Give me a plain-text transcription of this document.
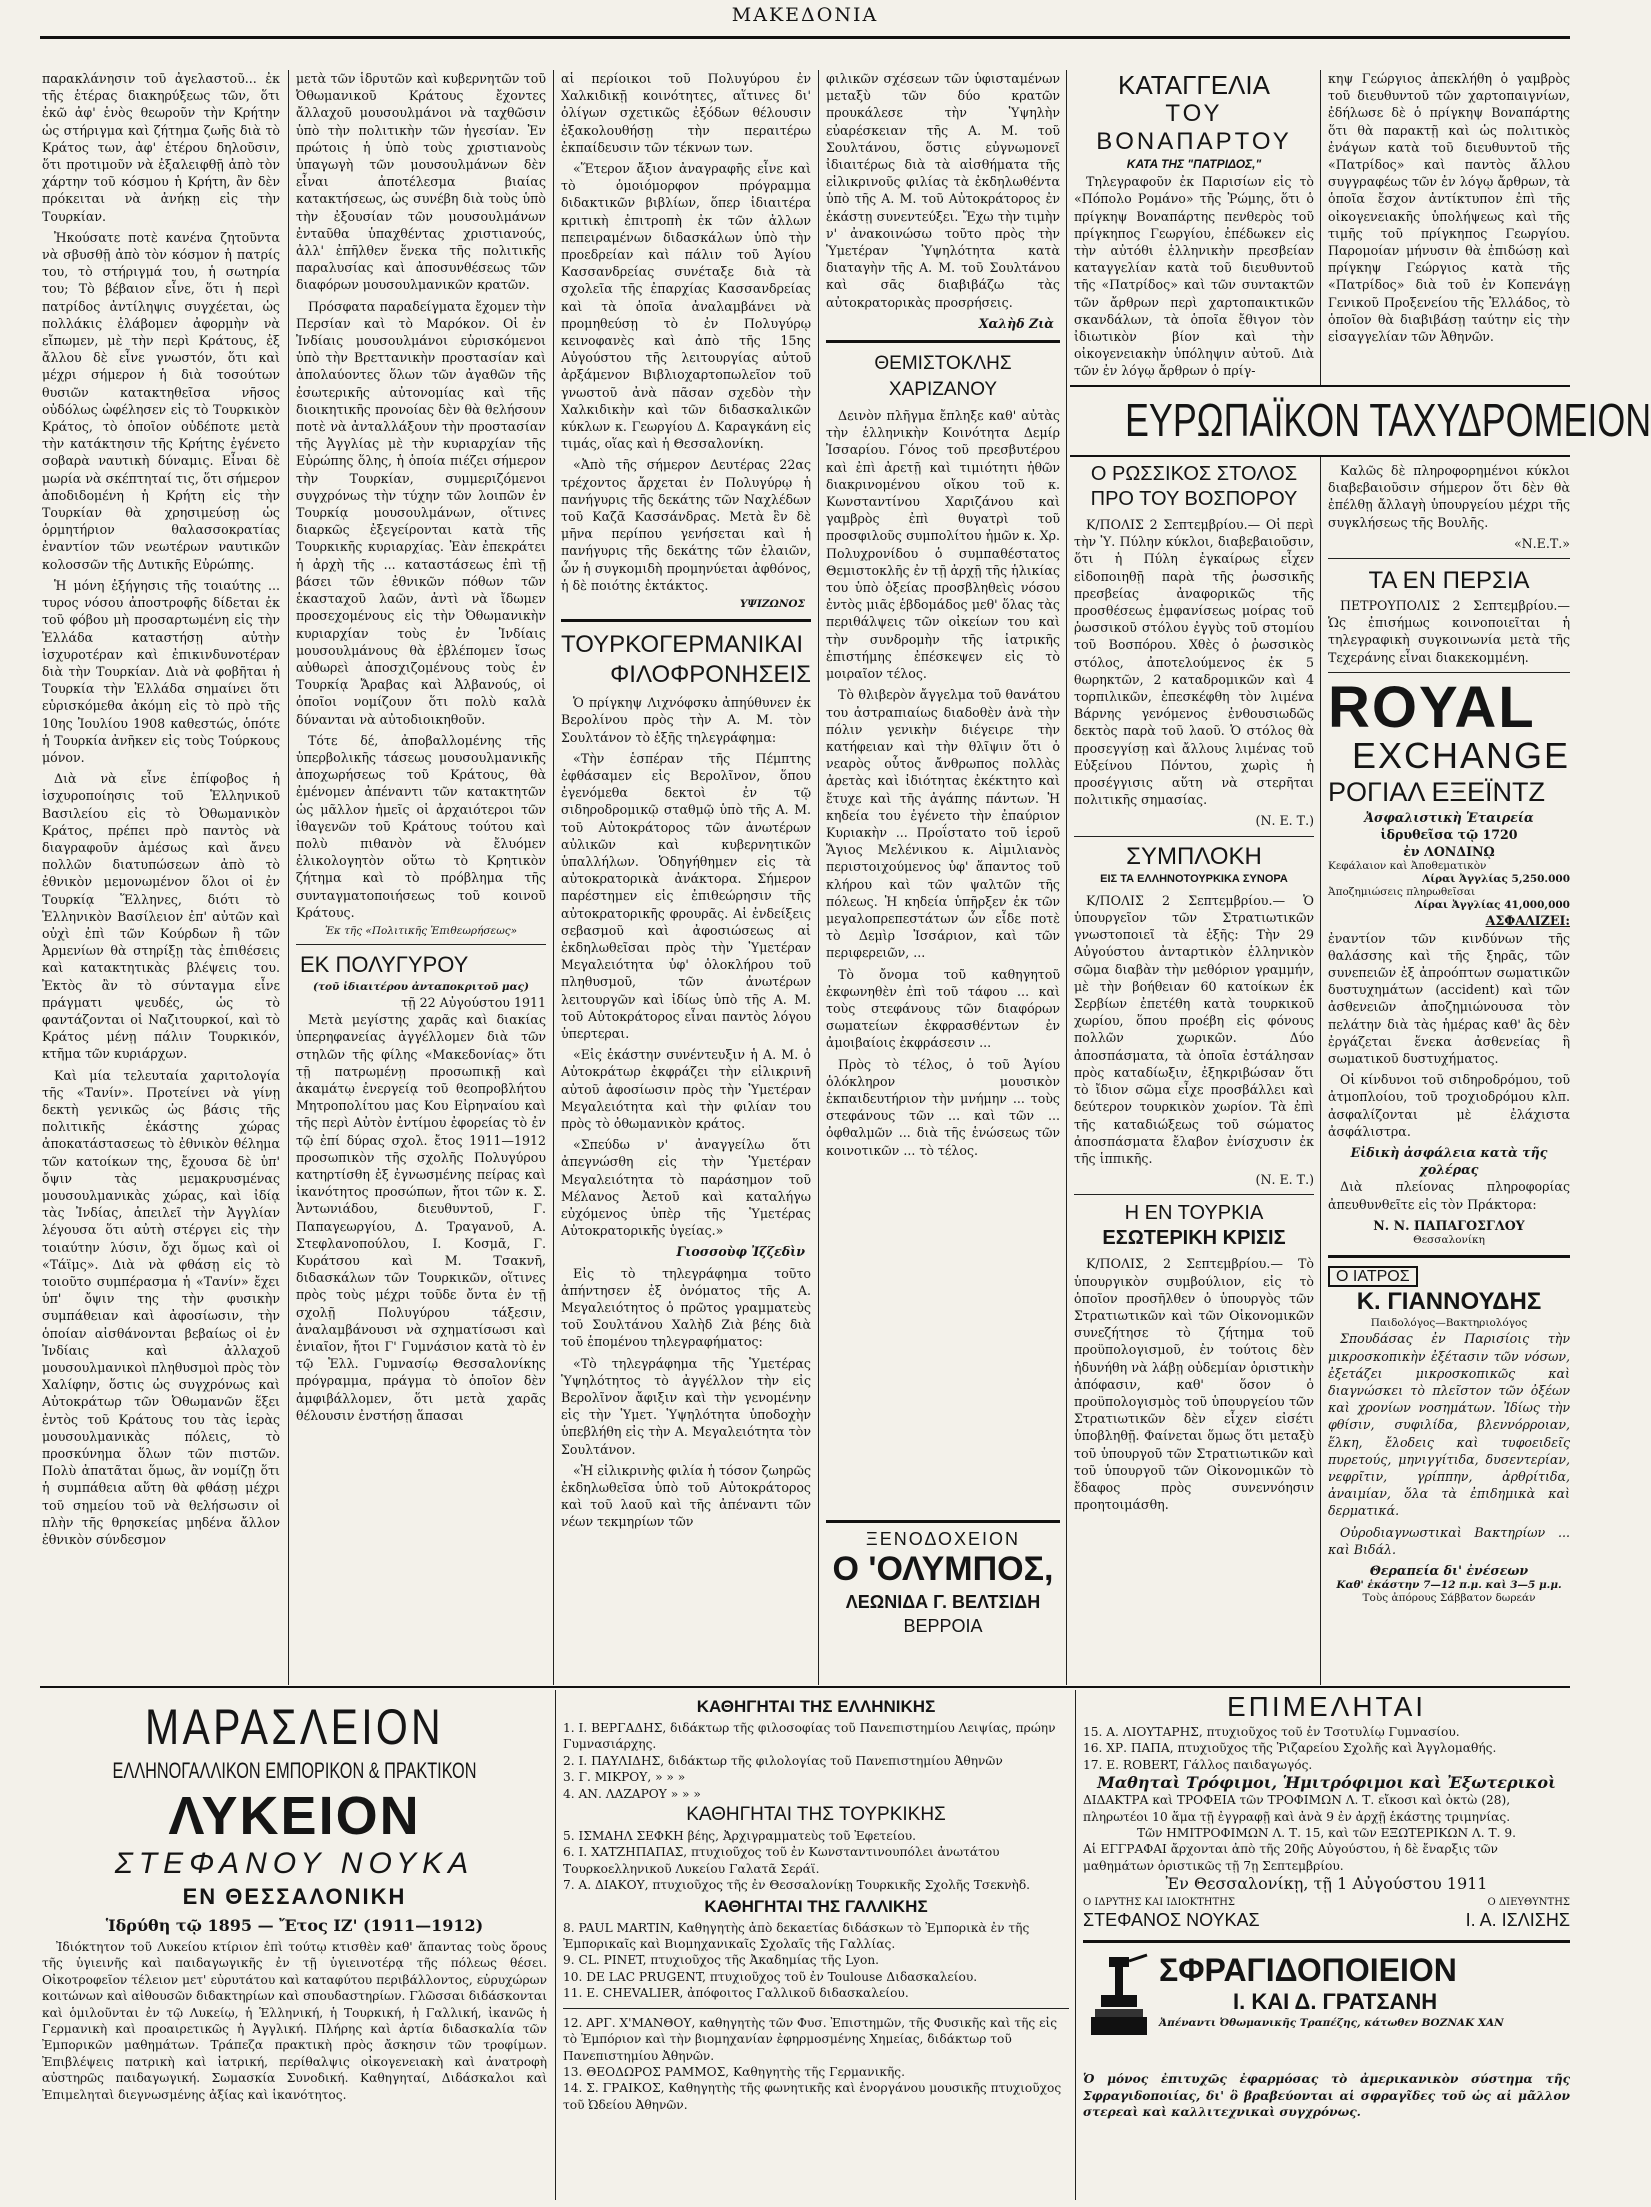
ΜΑΚΕΔΟΝΙΑ

παρακλάνησιν τοῦ ἀγελαστοῦ... ἐκ τῆς ἑτέρας διακηρύξεως τῶν, ὅτι ἐκῶ ἀφ' ἑνὸς θεωροῦν τὴν Κρήτην ὡς στήριγμα καὶ ζήτημα ζωῆς διὰ τὸ Κράτος των, ἀφ' ἑτέρου δηλοῦσιν, ὅτι προτιμοῦν νὰ ἐξαλειφθῇ ἀπὸ τὸν χάρτην τοῦ κόσμου ἡ Κρήτη, ἂν δὲν πρόκειται νὰ ἀνήκῃ εἰς τὴν Τουρκίαν.

Ἠκούσατε ποτὲ κανένα ζητοῦντα νὰ σβυσθῇ ἀπὸ τὸν κόσμον ἡ πατρίς του, τὸ στήριγμά του, ἡ σωτηρία του; Τὸ βέβαιον εἶνε, ὅτι ἡ περὶ πατρίδος ἀντίληψις συγχέεται, ὡς πολλάκις ἐλάβομεν ἀφορμὴν νὰ εἴπωμεν, μὲ τὴν περὶ Κράτους, ἐξ ἄλλου δὲ εἶνε γνωστόν, ὅτι καὶ μέχρι σήμερον ἡ διὰ τοσούτων θυσιῶν κατακτηθεῖσα νῆσος οὐδόλως ὠφέλησεν εἰς τὸ Τουρκικὸν Κράτος, τὸ ὁποῖον οὐδέποτε μετὰ τὴν κατάκτησιν τῆς Κρήτης ἐγένετο σοβαρὰ ναυτικὴ δύναμις. Εἶναι δὲ μωρία νὰ σκέπτηταί τις, ὅτι σήμερον ἀποδιδομένη ἡ Κρήτη εἰς τὴν Τουρκίαν θὰ χρησιμεύσῃ ὡς ὁρμητήριον θαλασσοκρατίας ἐναντίον τῶν νεωτέρων ναυτικῶν κολοσσῶν τῆς Δυτικῆς Εὐρώπης.

Ἡ μόνη ἐξήγησις τῆς τοιαύτης ... τυρος νόσου ἀποστροφῆς δίδεται ἐκ τοῦ φόβου μὴ προσαρτωμένη εἰς τὴν Ἑλλάδα καταστήσῃ αὐτὴν ἰσχυροτέραν καὶ ἐπικινδυνοτέραν διὰ τὴν Τουρκίαν. Διὰ νὰ φοβῆται ἡ Τουρκία τὴν Ἑλλάδα σημαίνει ὅτι εὑρισκόμεθα ἀκόμη εἰς τὸ πρὸ τῆς 10ης Ἰουλίου 1908 καθεστώς, ὁπότε ἡ Τουρκία ἀνῆκεν εἰς τοὺς Τούρκους μόνον.

Διὰ νὰ εἶνε ἐπίφοβος ἡ ἰσχυροποίησις τοῦ Ἑλληνικοῦ Βασιλείου εἰς τὸ Ὀθωμανικὸν Κράτος, πρέπει πρὸ παντὸς νὰ διαγραφοῦν ἀμέσως καὶ ἄνευ πολλῶν διατυπώσεων ἀπὸ τὸ ἐθνικὸν μεμονωμένον ὅλοι οἱ ἐν Τουρκίᾳ Ἕλληνες, διότι τὸ Ἑλληνικὸν Βασίλειον ἐπ' αὐτῶν καὶ οὐχὶ ἐπὶ τῶν Κούρδων ἢ τῶν Ἀρμενίων θὰ στηρίξῃ τὰς ἐπιθέσεις καὶ κατακτητικὰς βλέψεις του. Ἐκτὸς ἂν τὸ σύνταγμα εἶνε πράγματι ψευδές, ὡς τὸ φαντάζονται οἱ Ναζιτουρκοί, καὶ τὸ Κράτος μένῃ πάλιν Τουρκικόν, κτῆμα τῶν κυριάρχων.

Καὶ μία τελευταία χαριτολογία τῆς «Τανίν». Προτείνει νὰ γίνῃ δεκτὴ γενικῶς ὡς βάσις τῆς πολιτικῆς ἑκάστης χώρας ἀποκατάστασεως τὸ ἐθνικὸν θέλημα τῶν κατοίκων της, ἔχουσα δὲ ὑπ' ὄψιν τὰς μεμακρυσμένας μουσουλμανικὰς χώρας, καὶ ἰδίᾳ τὰς Ἰνδίας, ἀπειλεῖ τὴν Ἀγγλίαν λέγουσα ὅτι αὐτὴ στέργει εἰς τὴν τοιαύτην λύσιν, ὄχι ὅμως καὶ οἱ «Τάϊμς». Διὰ νὰ φθάσῃ εἰς τὸ τοιοῦτο συμπέρασμα ἡ «Τανίν» ἔχει ὑπ' ὄψιν της τὴν φυσικὴν συμπάθειαν καὶ ἀφοσίωσιν, τὴν ὁποίαν αἰσθάνονται βεβαίως οἱ ἐν Ἰνδίαις καὶ ἀλλαχοῦ μουσουλμανικοὶ πληθυσμοὶ πρὸς τὸν Χαλίφην, ὅστις ὡς συγχρόνως καὶ Αὐτοκράτωρ τῶν Ὀθωμανῶν ἕξει ἐντὸς τοῦ Κράτους του τὰς ἱερὰς μουσουλμανικὰς πόλεις, τὸ προσκύνημα ὅλων τῶν πιστῶν. Πολὺ ἀπατᾶται ὅμως, ἂν νομίζῃ ὅτι ἡ συμπάθεια αὕτη θὰ φθάσῃ μέχρι τοῦ σημείου τοῦ νὰ θελήσωσιν οἱ πλὴν τῆς θρησκείας μηδένα ἄλλον ἐθνικὸν σύνδεσμον

μετὰ τῶν ἱδρυτῶν καὶ κυβερνητῶν τοῦ Ὀθωμανικοῦ Κράτους ἔχοντες ἄλλαχοῦ μουσουλμάνοι νὰ ταχθῶσιν ὑπὸ τὴν πολιτικὴν τῶν ἡγεσίαν. Ἐν πρώτοις ἡ ὑπὸ τοὺς χριστιανοὺς ὑπαγωγὴ τῶν μουσουλμάνων δὲν εἶναι ἀποτέλεσμα βιαίας κατακτήσεως, ὡς συνέβη διὰ τοὺς ὑπὸ τὴν ἐξουσίαν τῶν μουσουλμάνων ἐνταῦθα ὑπαχθέντας χριστιανούς, ἀλλ' ἐπῆλθεν ἕνεκα τῆς πολιτικῆς παραλυσίας καὶ ἀποσυνθέσεως τῶν διαφόρων μουσουλμανικῶν κρατῶν.

Πρόσφατα παραδείγματα ἔχομεν τὴν Περσίαν καὶ τὸ Μαρόκον. Οἱ ἐν Ἰνδίαις μουσουλμάνοι εὑρισκόμενοι ὑπὸ τὴν Βρεττανικὴν προστασίαν καὶ ἀπολαύοντες ὅλων τῶν ἀγαθῶν τῆς ἐσωτερικῆς αὐτονομίας καὶ τῆς διοικητικῆς προνοίας δὲν θὰ θελήσουν ποτὲ νὰ ἀνταλλάξουν τὴν προστασίαν τῆς Ἀγγλίας μὲ τὴν κυριαρχίαν τῆς Εὐρώπης ὅλης, ἡ ὁποία πιέζει σήμερον τὴν Τουρκίαν, συμμεριζόμενοι συγχρόνως τὴν τύχην τῶν λοιπῶν ἐν Τουρκίᾳ μουσουλμάνων, οἵτινες διαρκῶς ἐξεγείρονται κατὰ τῆς Τουρκικῆς κυριαρχίας. Ἐὰν ἐπεκράτει ἡ ἀρχὴ τῆς ... καταστάσεως ἐπὶ τῇ βάσει τῶν ἐθνικῶν πόθων τῶν ἑκασταχοῦ λαῶν, ἀντὶ νὰ ἴδωμεν προσεχομένους εἰς τὴν Ὀθωμανικὴν κυριαρχίαν τοὺς ἐν Ἰνδίαις μουσουλμάνους θὰ ἐβλέπομεν ἴσως αὐθωρεὶ ἀποσχιζομένους τοὺς ἐν Τουρκίᾳ Ἄραβας καὶ Ἀλβανούς, οἱ ὁποῖοι νομίζουν ὅτι πολὺ καλὰ δύνανται νὰ αὐτοδιοικηθοῦν.

Τότε δέ, ἀποβαλλομένης τῆς ὑπερβολικῆς τάσεως μουσουλμανικῆς ἀποχωρήσεως τοῦ Κράτους, θὰ ἐμένομεν ἀπέναντι τῶν κατακτητῶν ὡς μᾶλλον ἡμεῖς οἱ ἀρχαιότεροι τῶν ἰθαγενῶν τοῦ Κράτους τούτου καὶ πολὺ πιθανὸν νὰ ἔλυόμεν ἐλικολογητὸν οὕτω τὸ Κρητικὸν ζήτημα καὶ τὸ πρόβλημα τῆς συνταγματοποιήσεως τοῦ κοινοῦ Κράτους.

Ἐκ τῆς «Πολιτικῆς Ἐπιθεωρήσεως»
ΕΚ ΠΟΛΥΓΥΡΟΥ
(τοῦ ἰδιαιτέρου ἀνταποκριτοῦ μας)
τῇ 22 Αὐγούστου 1911

Μετὰ μεγίστης χαρᾶς καὶ διακίας ὑπερηφανείας ἀγγέλλομεν διὰ τῶν στηλῶν τῆς φίλης «Μακεδονίας» ὅτι τῇ πατρωμένῃ προσωπικῇ καὶ ἀκαμάτῳ ἐνεργείᾳ τοῦ θεοπροβλήτου Μητροπολίτου μας Κου Εἰρηναίου καὶ τῆς περὶ Αὐτὸν ἐντίμου ἐφορείας τὸ ἐν τῷ ἐπί δύρας σχολ. ἔτος 1911—1912 προσωπικὸν τῆς σχολῆς Πολυγύρου κατηρτίσθη ἐξ ἐγνωσμένης πείρας καὶ ἱκανότητος προσώπων, ἤτοι τῶν κ. Σ. Ἀντωνιάδου, διευθυντοῦ, Γ. Παπαγεωργίου, Δ. Τραγανοῦ, Α. Στεφλανοπούλου, Ι. Κοσμᾶ, Γ. Κυράτσου καὶ Μ. Τσακνῆ, διδασκάλων τῶν Τουρκικῶν, οἵτινες πρὸς τοὺς μέχρι τοῦδε ὄντα ἐν τῇ σχολῇ Πολυγύρου τάξεσιν, ἀναλαμβάνουσι νὰ σχηματίσωσι καὶ ἑνιαῖον, ἤτοι Γ' Γυμνάσιον κατὰ τὸ ἐν τῷ Ἑλλ. Γυμνασίῳ Θεσσαλονίκης πρόγραμμα, πράγμα τὸ ὁποῖον δὲν ἀμφιβάλλομεν, ὅτι μετὰ χαρᾶς θέλουσιν ἐνστήσῃ ἅπασαι

αἱ περίοικοι τοῦ Πολυγύρου ἐν Χαλκιδικῇ κοινότητες, αἵτινες δι' ὀλίγων σχετικῶς ἐξόδων θέλουσιν ἐξακολουθήσῃ τὴν περαιτέρω ἐκπαίδευσιν τῶν τέκνων των.

«Ἕτερον ἄξιον ἀναγραφῆς εἶνε καὶ τὸ ὁμοιόμορφον πρόγραμμα διδακτικῶν βιβλίων, ὅπερ ἰδιαιτέρα κριτικὴ ἐπιτροπὴ ἐκ τῶν ἀλλων πεπειραμένων διδασκάλων ὑπὸ τὴν προεδρείαν καὶ πάλιν τοῦ Ἁγίου Κασσανδρείας συνέταξε διὰ τὰ σχολεῖα τῆς ἐπαρχίας Κασσανδρείας καὶ τὰ ὁποῖα ἀναλαμβάνει νὰ προμηθεύσῃ τὸ ἐν Πολυγύρῳ κεινοφανὲς καὶ ἀπὸ τῆς 15ης Αὐγούστου τῆς λειτουργίας αὐτοῦ ἀρξάμενον Βιβλιοχαρτοπωλεῖον τοῦ γνωστοῦ ἀνὰ πᾶσαν σχεδὸν τὴν Χαλκιδικὴν καὶ τῶν διδασκαλικῶν κύκλων κ. Γεωργίου Δ. Καραγκάνη εἰς τιμάς, οἵας καὶ ἡ Θεσσαλονίκη.

«Ἀπὸ τῆς σήμερον Δευτέρας 22ας τρέχοντος ἄρχεται ἐν Πολυγύρῳ ἡ πανήγυρις τῆς δεκάτης τῶν Ναχλέδων τοῦ Καζᾶ Κασσάνδρας. Μετὰ ἓν δὲ μῆνα περίπου γενήσεται καὶ ἡ πανήγυρις τῆς δεκάτης τῶν ἐλαιῶν, ὧν ἡ συγκομιδὴ προμηνύεται ἀφθόνος, ἡ δὲ ποιότης ἐκτάκτος.

ΥΨΙΖΩΝΟΣ
ΤΟΥΡΚΟΓΕΡΜΑΝΙΚΑΙ
ΦΙΛΟΦΡΟΝΗΣΕΙΣ

Ὁ πρίγκηψ Λιχνόφσκυ ἀπηύθυνεν ἐκ Βερολίνου πρὸς τὴν Α. Μ. τὸν Σουλτάνον τὸ ἑξῆς τηλεγράφημα:

«Τὴν ἑσπέραν τῆς Πέμπτης ἐφθάσαμεν εἰς Βερολῖνον, ὅπου ἐγενόμεθα δεκτοὶ ἐν τῷ σιδηροδρομικῷ σταθμῷ ὑπὸ τῆς Α. Μ. τοῦ Αὐτοκράτορος τῶν ἀνωτέρων αὐλικῶν καὶ κυβερνητικῶν ὑπαλλήλων. Ὁδηγήθημεν εἰς τὰ αὐτοκρατορικὰ ἀνάκτορα. Σήμερον παρέστημεν εἰς ἐπιθεώρησιν τῆς αὐτοκρατορικῆς φρουρᾶς. Αἱ ἐνδείξεις σεβασμοῦ καὶ ἀφοσιώσεως αἱ ἐκδηλωθεῖσαι πρὸς τὴν Ὑμετέραν Μεγαλειότητα ὑφ' ὁλοκλήρου τοῦ πληθυσμοῦ, τῶν ἀνωτέρων λειτουργῶν καὶ ἰδίως ὑπὸ τῆς Α. Μ. τοῦ Αὐτοκράτορος εἶναι παντὸς λόγου ὑπερτεραι.

«Εἰς ἑκάστην συνέντευξιν ἡ Α. Μ. ὁ Αὐτοκράτωρ ἐκφράζει τὴν εἰλικρινῆ αὐτοῦ ἀφοσίωσιν πρὸς τὴν Ὑμετέραν Μεγαλειότητα καὶ τὴν φιλίαν του πρὸς τὸ ὀθωμανικὸν κράτος.

«Σπεύδω ν' ἀναγγείλω ὅτι ἀπεγνώσθη εἰς τὴν Ὑμετέραν Μεγαλειότητα τὸ παράσημον τοῦ Μέλανος Ἀετοῦ καὶ καταλήγω εὐχόμενος ὑπὲρ τῆς Ὑμετέρας Αὐτοκρατορικῆς ὑγείας.»

Γιοσσοὺφ Ἰζζεδὶν

Εἰς τὸ τηλεγράφημα τοῦτο ἀπήντησεν ἐξ ὀνόματος τῆς Α. Μεγαλειότητος ὁ πρῶτος γραμματεὺς τοῦ Σουλτάνου Χαλὴδ Ζιὰ βέης διὰ τοῦ ἑπομένου τηλεγραφήματος:

«Τὸ τηλεγράφημα τῆς Ὑμετέρας Ὑψηλότητος τὸ ἀγγέλλον τὴν εἰς Βερολῖνον ἄφιξιν καὶ τὴν γενομένην εἰς τὴν Ὑμετ. Ὑψηλότητα ὑποδοχὴν ὑπεβλήθη εἰς τὴν Α. Μεγαλειότητα τὸν Σουλτάνον.

«Ἡ εἰλικρινὴς φιλία ἡ τόσον ζωηρῶς ἐκδηλωθεῖσα ὑπὸ τοῦ Αὐτοκράτορος καὶ τοῦ λαοῦ καὶ τῆς ἀπέναντι τῶν νέων τεκμηρίων τῶν

φιλικῶν σχέσεων τῶν ὑφισταμένων μεταξὺ τῶν δύο κρατῶν προυκάλεσε τὴν Ὑψηλὴν εὐαρέσκειαν τῆς Α. Μ. τοῦ Σουλτάνου, ὅστις εὐγνωμονεῖ ἰδιαιτέρως διὰ τὰ αἰσθήματα τῆς εἰλικρινοῦς φιλίας τὰ ἐκδηλωθέντα ὑπὸ τῆς Α. Μ. τοῦ Αὐτοκράτορος ἐν ἑκάστῃ συνεντεύξει. Ἔχω τὴν τιμὴν ν' ἀνακοινώσω τοῦτο πρὸς τὴν Ὑμετέραν Ὑψηλότητα κατὰ διαταγὴν τῆς Α. Μ. τοῦ Σουλτάνου καὶ σᾶς διαβιβάζω τὰς αὐτοκρατορικὰς προσρήσεις.

Χαλὴδ Ζιὰ
ΘΕΜΙΣΤΟΚΛΗΣ ΧΑΡΙΖΑΝΟΥ

Δεινὸν πλῆγμα ἔπληξε καθ' αὐτὰς τὴν ἑλληνικὴν Κοινότητα Δεμίρ Ἰσσαρίου. Γόνος τοῦ πρεσβυτέρου καὶ ἐπὶ ἀρετῇ καὶ τιμιότητι ἠθῶν διακρινομένου οἴκου τοῦ κ. Κωνσταντίνου Χαριζάνου καὶ γαμβρὸς ἐπὶ θυγατρὶ τοῦ προσφιλοῦς συμπολίτου ἡμῶν κ. Χρ. Πολυχρονίδου ὁ συμπαθέστατος Θεμιστοκλῆς ἐν τῇ ἀρχῇ τῆς ἡλικίας του ὑπὸ ὀξείας προσβληθεὶς νόσου ἐντὸς μιᾶς ἑβδομάδος μεθ' ὅλας τὰς περιθάλψεις τῶν οἰκείων του καὶ τὴν συνδρομὴν τῆς ἰατρικῆς ἐπιστήμης ἐπέσκεψεν εἰς τὸ μοιραῖον τέλος.

Τὸ θλιβερὸν ἄγγελμα τοῦ θανάτου του ἀστραπιαίως διαδοθὲν ἀνὰ τὴν πόλιν γενικὴν διέγειρε τὴν κατήφειαν καὶ τὴν θλῖψιν ὅτι ὁ νεαρὸς οὗτος ἄνθρωπος πολλὰς ἀρετὰς καὶ ἰδιότητας ἐκέκτητο καὶ ἔτυχε καὶ τῆς ἀγάπης πάντων. Ἡ κηδεία του ἐγένετο τὴν ἐπαύριον Κυριακὴν ... Προΐστατο τοῦ ἱεροῦ Ἅγιος Μελένικου κ. Αἰμιλιανὸς περιστοιχούμενος ὑφ' ἅπαντος τοῦ κλήρου καὶ τῶν ψαλτῶν τῆς πόλεως. Ἡ κηδεία ὑπῆρξεν ἐκ τῶν μεγαλοπρεπεστάτων ὧν εἶδε ποτὲ τὸ Δεμὶρ Ἰσσάριον, καὶ τῶν περιφερειῶν, ...

Τὸ ὄνομα τοῦ καθηγητοῦ ἐκφωνηθὲν ἐπὶ τοῦ τάφου ... καὶ τοὺς στεφάνους τῶν διαφόρων σωματείων ἐκφρασθέντων ἐν ἀμοιβαίοις ἐκφράσεσιν ...

Πρὸς τὸ τέλος, ὁ τοῦ Ἁγίου ὁλόκληρον μουσικὸν ἐκπαιδευτήριον τὴν μνήμην ... τοὺς στεφάνους τῶν ... καὶ τῶν ... ὀφθαλμῶν ... διὰ τῆς ἑνώσεως τῶν κοινοτικῶν ... τὸ τέλος.

ΞΕΝΟΔΟΧΕΙΟΝ
Ο 'ΟΛΥΜΠΟΣ,
ΛΕΩΝΙΔΑ Γ. ΒΕΛΤΣΙΔΗ
ΒΕΡΡΟΙΑ
ΚΑΤΑΓΓΕΛΙΑ
ΤΟΥ ΒΟΝΑΠΑΡΤΟΥ
ΚΑΤΑ ΤΗΣ "ΠΑΤΡΙΔΟΣ,"

Τηλεγραφοῦν ἐκ Παρισίων εἰς τὸ «Πόπολο Ρομάνο» τῆς Ῥώμης, ὅτι ὁ πρίγκηψ Βοναπάρτης πενθερὸς τοῦ πρίγκηπος Γεωργίου, ἐπέδωκεν εἰς τὴν αὐτόθι ἑλληνικὴν πρεσβείαν καταγγελίαν κατὰ τοῦ διευθυντοῦ τῆς «Πατρίδος» καὶ τῶν συντακτῶν τῶν ἄρθρων περὶ χαρτοπαικτικῶν σκανδάλων, τὰ ὁποῖα ἔθιγον τὸν ἰδιωτικὸν βίον καὶ τὴν οἰκογενειακὴν ὑπόληψιν αὐτοῦ. Διὰ τῶν ἐν λόγῳ ἄρθρων ὁ πρίγ-

ΕΥΡΩΠΑΪΚΟΝ ΤΑΧΥΔΡΟΜΕΙΟΝ
Ο ΡΩΣΣΙΚΟΣ ΣΤΟΛΟΣ
ΠΡΟ ΤΟΥ ΒΟΣΠΟΡΟΥ

Κ/ΠΟΛΙΣ 2 Σεπτεμβρίου.— Οἱ περὶ τὴν Ὑ. Πύλην κύκλοι, διαβεβαιοῦσιν, ὅτι ἡ Πύλη ἐγκαίρως εἶχεν εἰδοποιηθῇ παρὰ τῆς ῥωσσικῆς πρεσβείας ἀναφορικῶς τῆς προσθέσεως ἐμφανίσεως μοίρας τοῦ ῥωσσικοῦ στόλου ἐγγὺς τοῦ στομίου τοῦ Βοσπόρου. Χθὲς ὁ ῥωσσικὸς στόλος, ἀποτελούμενος ἐκ 5 θωρηκτῶν, 2 καταδρομικῶν καὶ 4 τορπιλικῶν, ἐπεσκέφθη τὸν λιμένα Βάρνης γενόμενος ἐνθουσιωδῶς δεκτὸς παρὰ τοῦ λαοῦ. Ὁ στόλος θὰ προσεγγίσῃ καὶ ἄλλους λιμένας τοῦ Εὐξείνου Πόντου, χωρὶς ἡ προσέγγισις αὕτη νὰ στερῆται πολιτικῆς σημασίας.

(Ν. Ε. Τ.)
ΣΥΜΠΛΟΚΗ
ΕΙΣ ΤΑ ΕΛΛΗΝΟΤΟΥΡΚΙΚΑ ΣΥΝΟΡΑ

Κ/ΠΟΛΙΣ 2 Σεπτεμβρίου.— Ὁ ὑπουργεῖον τῶν Στρατιωτικῶν γνωστοποιεῖ τὰ ἑξῆς: Τὴν 29 Αὐγούστου ἀνταρτικὸν ἑλληνικὸν σῶμα διαβὰν τὴν μεθόριον γραμμήν, μὲ τὴν βοήθειαν 60 κατοίκων ἐκ Σερβίων ἐπετέθη κατὰ τουρκικοῦ χωρίου, ὅπου προέβη εἰς φόνους πολλῶν χωρικῶν. Δύο ἀποσπάσματα, τὰ ὁποῖα ἐστάλησαν πρὸς καταδίωξιν, ἐξηκριβώσαν ὅτι τὸ ἴδιον σῶμα εἶχε προσβάλλει καὶ δεύτερον τουρκικὸν χωρίον. Τὰ ἐπὶ τῆς καταδιώξεως τοῦ σώματος ἀποσπάσματα ἔλαβον ἐνίσχυσιν ἐκ τῆς ἱππικῆς.

(Ν. Ε. Τ.)
Η ΕΝ ΤΟΥΡΚΙΑ
ΕΣΩΤΕΡΙΚΗ ΚΡΙΣΙΣ

Κ/ΠΟΛΙΣ, 2 Σεπτεμβρίου.— Τὸ ὑπουργικὸν συμβούλιον, εἰς τὸ ὁποῖον προσῆλθεν ὁ ὑπουργὸς τῶν Στρατιωτικῶν καὶ τῶν Οἰκονομικῶν συνεζήτησε τὸ ζήτημα τοῦ προϋπολογισμοῦ, ἐν τούτοις δὲν ἠδυνήθη νὰ λάβῃ οὐδεμίαν ὁριστικὴν ἀπόφασιν, καθ' ὅσον ὁ προϋπολογισμὸς τοῦ ὑπουργείου τῶν Στρατιωτικῶν δὲν εἶχεν εἰσέτι ὑποβληθῇ. Φαίνεται ὅμως ὅτι μεταξὺ τοῦ ὑπουργοῦ τῶν Στρατιωτικῶν καὶ τοῦ ὑπουργοῦ τῶν Οἰκονομικῶν τὸ ἔδαφος πρὸς συνεννόησιν προητοιμάσθη.

κηψ Γεώργιος ἀπεκλήθη ὁ γαμβρὸς τοῦ διευθυντοῦ τῶν χαρτοπαιγνίων, ἐδήλωσε δὲ ὁ πρίγκηψ Βοναπάρτης ὅτι θὰ παρακτῇ καὶ ὡς πολιτικὸς ἐνάγων κατὰ τοῦ διευθυντοῦ τῆς «Πατρίδος» καὶ παντὸς ἄλλου συγγραφέως τῶν ἐν λόγῳ ἄρθρων, τὰ ὁποῖα ἔσχον ἀντίκτυπον ἐπὶ τῆς οἰκογενειακῆς ὑπολήψεως καὶ τῆς τιμῆς τοῦ πρίγκηπος Γεωργίου. Παρομοίαν μήνυσιν θὰ ἐπιδώσῃ καὶ πρίγκηψ Γεώργιος κατὰ τῆς «Πατρίδος» διὰ τοῦ ἐν Κοπενάγῃ Γενικοῦ Προξενείου τῆς Ἑλλάδος, τὸ ὁποῖον θὰ διαβιβάσῃ ταύτην εἰς τὴν εἰσαγγελίαν τῶν Ἀθηνῶν.

Καλῶς δὲ πληροφορημένοι κύκλοι διαβεβαιοῦσιν σήμερον ὅτι δὲν θὰ ἐπέλθῃ ἄλλαγὴ ὑπουργείου μέχρι τῆς συγκλήσεως τῆς Βουλῆς.

«Ν.Ε.Τ.»
ΤΑ ΕΝ ΠΕΡΣΙΑ

ΠΕΤΡΟΥΠΟΛΙΣ 2 Σεπτεμβρίου.— Ὡς ἐπισήμως κοινοποιεῖται ἡ τηλεγραφικὴ συγκοινωνία μετὰ τῆς Τεχεράνης εἶναι διακεκομμένη.

ROYAL
EXCHANGE
ΡΟΓΙΑΛ ΕΞΕΪΝΤΖ
Ἀσφαλιστικὴ Ἑταιρεία
ἱδρυθεῖσα τῷ 1720
ἐν ΛΟΝΔΙΝῼ
Κεφάλαιον καὶ Ἀποθεματικὸν
Λίραι Ἀγγλίας 5,250.000
Ἀποζημιώσεις πληρωθεῖσαι
Λίραι Ἀγγλίας 41,000,000
ΑΣΦΑΛΙΖΕΙ:

ἐναντίον τῶν κινδύνων τῆς θαλάσσης καὶ τῆς ξηρᾶς, τῶν συνεπειῶν ἐξ ἀπροόπτων σωματικῶν δυστυχημάτων (accident) καὶ τῶν ἀσθενειῶν ἀποζημιώνουσα τὸν πελάτην διὰ τὰς ἡμέρας καθ' ἃς δὲν ἐργάζεται ἕνεκα ἀσθενείας ἢ σωματικοῦ δυστυχήματος.

Οἱ κίνδυνοι τοῦ σιδηροδρόμου, τοῦ ἀτμοπλοίου, τοῦ τροχιοδρόμου κλπ. ἀσφαλίζονται μὲ ἐλάχιστα ἀσφάλιστρα.

Εἰδικὴ ἀσφάλεια κατὰ τῆς χολέρας

Διὰ πλείονας πληροφορίας ἀπευθυνθεῖτε εἰς τὸν Πράκτορα:

Ν. Ν. ΠΑΠΑΓΟΣΓΛΟΥ
Θεσσαλονίκη
Ο ΙΑΤΡΟΣ
Κ. ΓΙΑΝΝΟΥΔΗΣ
Παιδολόγος—Βακτηριολόγος

Σπουδάσας ἐν Παρισίοις τὴν μικροσκοπικὴν ἐξέτασιν τῶν νόσων, ἐξετάζει μικροσκοπικῶς καὶ διαγνώσκει τὸ πλεῖστον τῶν ὀξέων καὶ χρονίων νοσημάτων. Ἰδίως τὴν φθίσιν, συφιλίδα, βλεννόρροιαν, ἕλκη, ἔλοδεις καὶ τυφοειδεῖς πυρετούς, μηνιγγίτιδα, δυσεντερίαν, νεφρῖτιν, γρίππην, ἀρθρίτιδα, ἀναιμίαν, ὅλα τὰ ἐπιδημικὰ καὶ δερματικά.

Οὐροδιαγνωστικαὶ Βακτηρίων ... καὶ Βιδάλ.

Θεραπεία δι' ἐνέσεων
Καθ' ἑκάστην 7—12 π.μ. καὶ 3—5 μ.μ.
Τοὺς ἀπόρους Σάββατον δωρεάν
ΜΑΡΑΣΛΕΙΟΝ
ΕΛΛΗΝΟΓΑΛΛΙΚΟΝ ΕΜΠΟΡΙΚΟΝ & ΠΡΑΚΤΙΚΟΝ
ΛΥΚΕΙΟΝ
ΣΤΕΦΑΝΟΥ ΝΟΥΚΑ
ΕΝ ΘΕΣΣΑΛΟΝΙΚΗ
Ἱδρύθη τῷ 1895 — Ἔτος ΙΖ' (1911—1912)

Ἰδιόκτητον τοῦ Λυκείου κτίριον ἐπὶ τούτῳ κτισθὲν καθ' ἅπαντας τοὺς ὅρους τῆς ὑγιεινῆς καὶ παιδαγωγικῆς ἐν τῇ ὑγιεινοτέρᾳ τῆς πόλεως θέσει. Οἰκοτροφεῖον τέλειον μετ' εὐρυτάτου καὶ καταφύτου περιβάλλοντος, εὐρυχώρων κοιτώνων καὶ αἰθουσῶν διδακτηρίων καὶ σπουδαστηρίων. Γλῶσσαι διδάσκονται καὶ ὁμιλοῦνται ἐν τῷ Λυκείῳ, ἡ Ἑλληνική, ἡ Τουρκική, ἡ Γαλλική, ἰκανῶς ἡ Γερμανικὴ καὶ προαιρετικῶς ἡ Ἀγγλική. Πλήρης καὶ ἀρτία διδασκαλία τῶν Ἐμπορικῶν μαθημάτων. Τράπεζα πρακτικὴ πρὸς ἄσκησιν τῶν τροφίμων. Ἐπιβλέψεις πατρικὴ καὶ ἰατρική, περίθαλψις οἰκογενειακὴ καὶ ἀνατροφὴ αὐστηρῶς παιδαγωγική. Σωμασκία Συνοδική. Καθηγηταί, Διδάσκαλοι καὶ Ἐπιμεληταὶ διεγνωσμένης ἀξίας καὶ ἱκανότητος.

ΚΑΘΗΓΗΤΑΙ ΤΗΣ ΕΛΛΗΝΙΚΗΣ

1. Ι. ΒΕΡΓΑΔΗΣ, διδάκτωρ τῆς φιλοσοφίας τοῦ Πανεπιστημίου Λειψίας, πρώην Γυμνασιάρχης.

2. Ι. ΠΑΥΛΙΔΗΣ, διδάκτωρ τῆς φιλολογίας τοῦ Πανεπιστημίου Ἀθηνῶν

3. Γ. ΜΙΚΡΟΥ, » » »

4. ΑΝ. ΛΑΖΑΡΟΥ » » »

ΚΑΘΗΓΗΤΑΙ ΤΗΣ ΤΟΥΡΚΙΚΗΣ

5. ΙΣΜΑΗΛ ΣΕΦΚΗ βέης, Ἀρχιγραμματεὺς τοῦ Ἐφετείου.

6. Ι. ΧΑΤΖΗΠΑΠΑΣ, πτυχιοῦχος τοῦ ἐν Κωνσταντινουπόλει ἀνωτάτου Τουρκοελληνικοῦ Λυκείου Γαλατᾶ Σεράϊ.

7. Α. ΔΙΑΚΟΥ, πτυχιοῦχος τῆς ἐν Θεσσαλονίκῃ Τουρκικῆς Σχολῆς Τσεκνὴδ.

ΚΑΘΗΓΗΤΑΙ ΤΗΣ ΓΑΛΛΙΚΗΣ

8. PAUL MARTIN, Καθηγητὴς ἀπὸ δεκαετίας διδάσκων τὸ Ἐμπορικὰ ἐν τῆς Ἐμπορικαῖς καὶ Βιομηχανικαῖς Σχολαῖς τῆς Γαλλίας.

9. CL. PINET, πτυχιοῦχος τῆς Ἀκαδημίας τῆς Lyon.

10. DE LAC PRUGENT, πτυχιοῦχος τοῦ ἐν Toulouse Διδασκαλείου.

11. E. CHEVALIER, ἀπόφοιτος Γαλλικοῦ διδασκαλείου.

12. ΑΡΓ. Χ'ΜΑΝΘΟΥ, καθηγητὴς τῶν Φυσ. Ἐπιστημῶν, τῆς Φυσικῆς καὶ τῆς εἰς τὸ Ἐμπόριον καὶ τὴν βιομηχανίαν ἐφηρμοσμένης Χημείας, διδάκτωρ τοῦ Πανεπιστημίου Ἀθηνῶν.

13. ΘΕΟΔΩΡΟΣ ΡΑΜΜΟΣ, Καθηγητὴς τῆς Γερμανικῆς.

14. Σ. ΓΡΑΙΚΟΣ, Καθηγητὴς τῆς φωνητικῆς καὶ ἐνοργάνου μουσικῆς πτυχιοῦχος τοῦ Ὠδείου Ἀθηνῶν.

ΕΠΙΜΕΛΗΤΑΙ

15. Α. ΛΙΟΥΤΑΡΗΣ, πτυχιοῦχος τοῦ ἐν Τσοτυλίῳ Γυμνασίου.

16. ΧΡ. ΠΑΠΑ, πτυχιοῦχος τῆς Ῥιζαρείου Σχολῆς καὶ Ἀγγλομαθής.

17. E. ROBERT, Γάλλος παιδαγωγός.

Μαθηταὶ Τρόφιμοι, Ἡμιτρόφιμοι καὶ Ἐξωτερικοὶ

ΔΙΔΑΚΤΡΑ καὶ ΤΡΟΦΕΙΑ τῶν ΤΡΟΦΙΜΩΝ Λ. Τ. εἴκοσι καὶ ὀκτὼ (28), πληρωτέοι 10 ἅμα τῇ ἐγγραφῇ καὶ ἀνὰ 9 ἐν ἀρχῇ ἑκάστης τριμηνίας.

Τῶν ΗΜΙΤΡΟΦΙΜΩΝ Λ. Τ. 15, καὶ τῶν ΕΞΩΤΕΡΙΚΩΝ Λ. Τ. 9.

Αἱ ΕΓΓΡΑΦΑΙ ἄρχονται ἀπὸ τῆς 20ῆς Αὐγούστου, ἡ δὲ ἔναρξις τῶν μαθημάτων ὁριστικῶς τῇ 7ῃ Σεπτεμβρίου.

Ἐν Θεσσαλονίκῃ, τῇ 1 Αὐγούστου 1911
Ο ΙΔΡΥΤΗΣ ΚΑΙ ΙΔΙΟΚΤΗΤΗΣ	Ο ΔΙΕΥΘΥΝΤΗΣ
ΣΤΕΦΑΝΟΣ ΝΟΥΚΑΣ	Ι. Α. ΙΣΛΙΣΗΣ
ΣΦΡΑΓΙΔΟΠΟΙΕΙΟΝ
Ι. ΚΑΙ Δ. ΓΡΑΤΣΑΝΗ
Ἀπέναντι Ὀθωμανικῆς Τραπέζης, κάτωθεν ΒΟΖΝΑΚ ΧΑΝ

Ὁ μόνος ἐπιτυχῶς ἐφαρμόσας τὸ ἀμερικανικὸν σύστημα τῆς Σφραγιδοποιίας, δι' ὃ βραβεύονται αἱ σφραγῖδες τοῦ ὡς αἱ μᾶλλον στερεαὶ καὶ καλλιτεχνικαὶ συγχρόνως.
